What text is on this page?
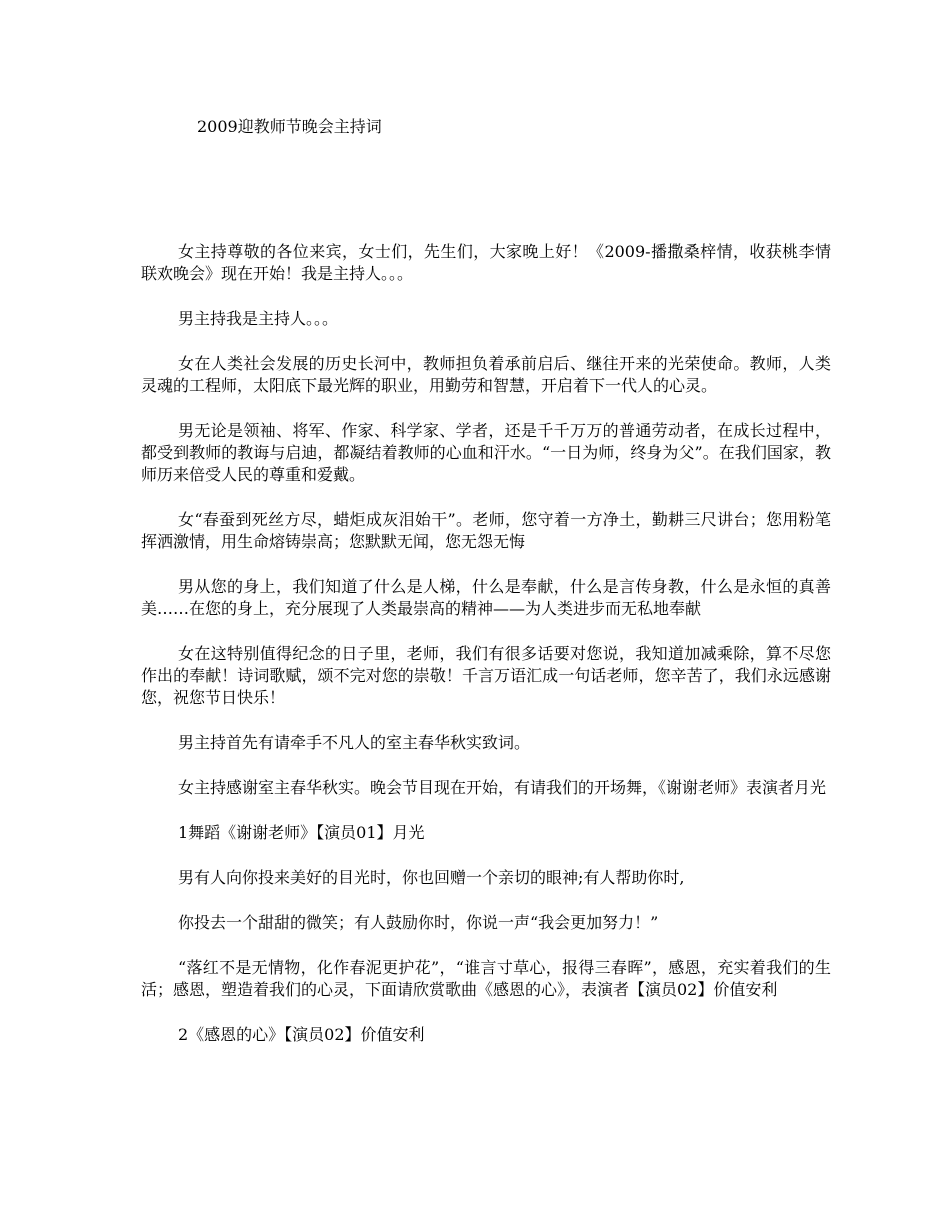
2009迎教师节晚会主持词

女主持尊敬的各位来宾，女士们，先生们，大家晚上好！《2009-播撒桑梓情，收获桃李情联欢晚会》现在开始！我是主持人。。。

男主持我是主持人。。。

女在人类社会发展的历史长河中，教师担负着承前启后、继往开来的光荣使命。教师，人类灵魂的工程师，太阳底下最光辉的职业，用勤劳和智慧，开启着下一代人的心灵。

男无论是领袖、将军、作家、科学家、学者，还是千千万万的普通劳动者，在成长过程中，都受到教师的教诲与启迪，都凝结着教师的心血和汗水。“一日为师，终身为父”。在我们国家，教师历来倍受人民的尊重和爱戴。

女“春蚕到死丝方尽，蜡炬成灰泪始干”。老师，您守着一方净土，勤耕三尺讲台；您用粉笔挥洒激情，用生命熔铸崇高；您默默无闻，您无怨无悔

男从您的身上，我们知道了什么是人梯，什么是奉献，什么是言传身教，什么是永恒的真善美……在您的身上，充分展现了人类最崇高的精神——为人类进步而无私地奉献

女在这特别值得纪念的日子里，老师，我们有很多话要对您说，我知道加减乘除，算不尽您作出的奉献！诗词歌赋，颂不完对您的崇敬！千言万语汇成一句话老师，您辛苦了，我们永远感谢您，祝您节日快乐！

男主持首先有请牵手不凡人的室主春华秋实致词。

女主持感谢室主春华秋实。晚会节目现在开始，有请我们的开场舞，《谢谢老师》表演者月光

1舞蹈《谢谢老师》【演员01】月光

男有人向你投来美好的目光时，你也回赠一个亲切的眼神;有人帮助你时,

你投去一个甜甜的微笑；有人鼓励你时，你说一声“我会更加努力！”

“落红不是无情物，化作春泥更护花”，“谁言寸草心，报得三春晖”，感恩，充实着我们的生活；感恩，塑造着我们的心灵，下面请欣赏歌曲《感恩的心》，表演者【演员02】价值安利

2《感恩的心》【演员02】价值安利
